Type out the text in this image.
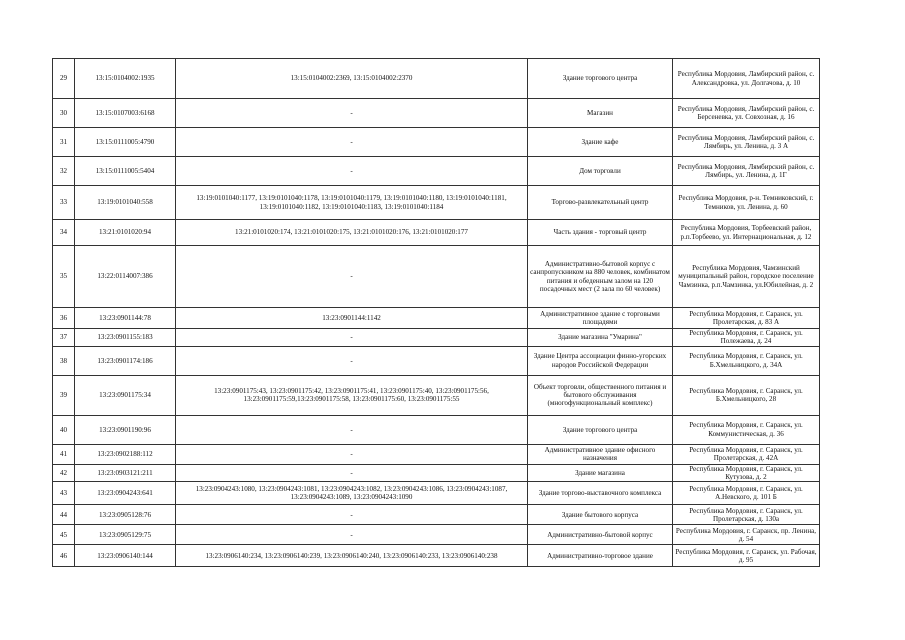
29	13:15:0104002:1935	13:15:0104002:2369, 13:15:0104002:2370	Здание торгового центра	Республика Мордовия, Ламбирский район, с. Александровка, ул. Долгачова, д. 10
30	13:15:0107003:6168	-	Магазин	Республика Мордовия, Ламбирский район, с. Берсеневка, ул. Совхозная, д. 16
31	13:15:0111005:4790	-	Здание кафе	Республика Мордовия, Ламбирский район, с. Лямбирь, ул. Ленина, д. 3 А
32	13:15:0111005:5404	-	Дом торговли	Республика Мордовия, Лямбирский район, с. Лямбирь, ул. Ленина, д. 1Г
33	13:19:0101040:558	13:19:0101040:1177, 13:19:0101040:1178, 13:19:0101040:1179, 13:19:0101040:1180, 13:19:0101040:1181, 13:19:0101040:1182, 13:19:0101040:1183, 13:19:0101040:1184	Торгово-развлекательный центр	Республика Мордовия, р-н. Темниковский, г. Темников, ул. Ленина, д. 60
34	13:21:0101020:94	13:21:0101020:174, 13:21:0101020:175, 13:21:0101020:176, 13:21:0101020:177	Часть здания - торговый центр	Республика Мордовия, Торбеевский район, р.п.Торбеево, ул. Интернациональная, д. 12
35	13:22:0114007:386	-	Административно-бытовой корпус с санпропускником на 880 человек, комбинатом питания и обеденным залом на 120 посадочных мест (2 зала по 60 человек)	Республика Мордовия, Чамзинский муниципальный район, городское поселение Чамзинка, р.п.Чамзинка, ул.Юбилейная, д. 2
36	13:23:0901144:78	13:23:0901144:1142	Административное здание с торговыми площадями	Республика Мордовия, г. Саранск, ул. Пролетарская, д. 83 А
37	13:23:0901155:183	-	Здание магазина "Умарина"	Республика Мордовия, г. Саранск, ул. Полежаева, д. 24
38	13:23:0901174:186	-	Здание Центра ассоциации финно-угорских народов Российской Федерации	Республика Мордовия, г. Саранск, ул. Б.Хмельницкого, д. 34А
39	13:23:0901175:34	13:23:0901175:43, 13:23:0901175:42, 13:23:0901175:41, 13:23:0901175:40, 13:23:0901175:56, 13:23:0901175:59,13:23:0901175:58, 13:23:0901175:60, 13:23:0901175:55	Объект торговли, общественного питания и бытового обслуживания (многофункциональный комплекс)	Республика Мордовия, г. Саранск, ул. Б.Хмельницкого, 28
40	13:23:0901190:96	-	Здание торгового центра	Республика Мордовия, г. Саранск, ул. Коммунистическая, д. 36
41	13:23:0902188:112	-	Административное здание офисного назначения	Республика Мордовия, г. Саранск, ул. Пролетарская, д. 42А
42	13:23:0903121:211	-	Здание магазина	Республика Мордовия, г. Саранск, ул. Кутузова, д. 2
43	13:23:0904243:641	13:23:0904243:1080, 13:23:0904243:1081, 13:23:0904243:1082, 13:23:0904243:1086, 13:23:0904243:1087, 13:23:0904243:1089, 13:23:0904243:1090	Здание торгово-выставочного комплекса	Республика Мордовия, г. Саранск, ул. А.Невского, д. 101 Б
44	13:23:0905128:76	-	Здание бытового корпуса	Республика Мордовия, г. Саранск, ул. Пролетарская, д. 130а
45	13:23:0905129:75	-	Административно-бытовой корпус	Республика Мордовия, г. Саранск, пр. Ленина, д. 54
46	13:23:0906140:144	13:23:0906140:234, 13:23:0906140:239, 13:23:0906140:240, 13:23:0906140:233, 13:23:0906140:238	Административно-торговое здание	Республика Мордовия, г. Саранск, ул. Рабочая, д. 95
